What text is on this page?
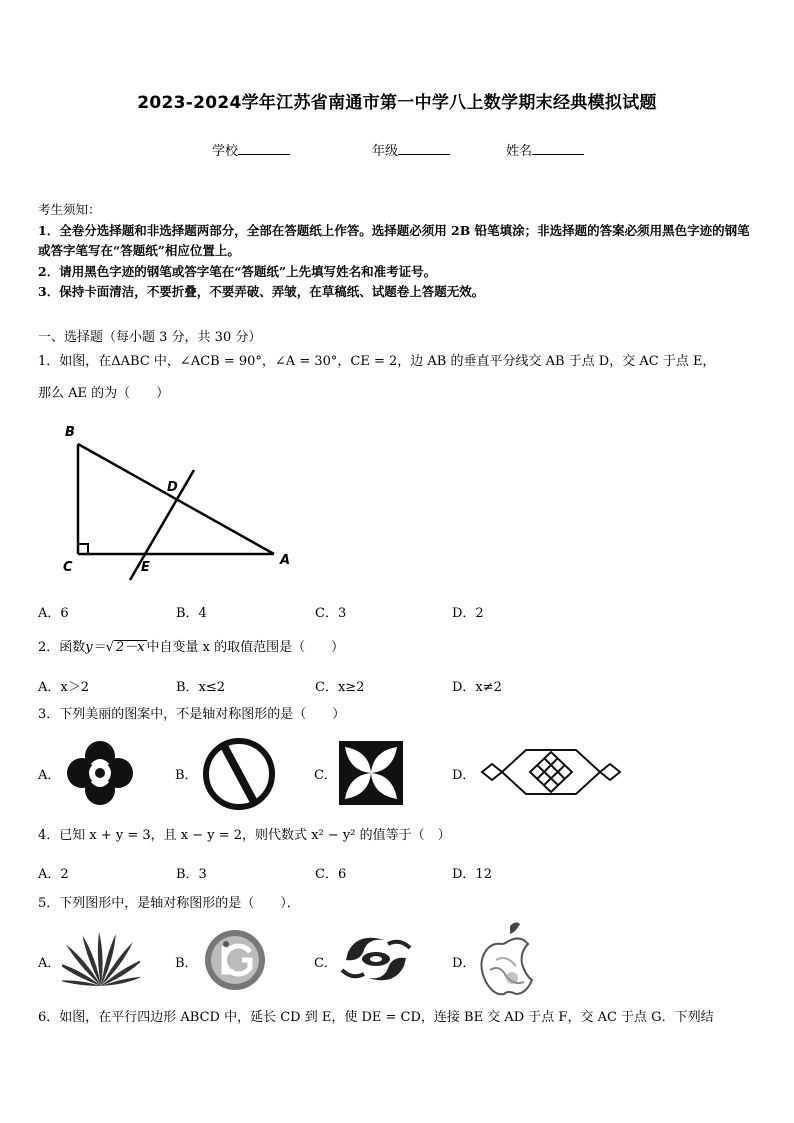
2023-2024学年江苏省南通市第一中学八上数学期末经典模拟试题
学校	年级	姓名

考生须知：

1．全卷分选择题和非选择题两部分，全部在答题纸上作答。选择题必须用 2B 铅笔填涂；非选择题的答案必须用黑色字迹的钢笔或答字笔写在“答题纸”相应位置上。

2．请用黑色字迹的钢笔或答字笔在“答题纸”上先填写姓名和准考证号。

3．保持卡面清洁，不要折叠，不要弄破、弄皱，在草稿纸、试题卷上答题无效。

一、选择题（每小题 3 分，共 30 分）
1．如图，在ΔABC 中，∠ACB = 90°，∠A = 30°，CE = 2，边 AB 的垂直平分线交 AB 于点 D，交 AC 于点 E，
那么 AE 的为（　　）
B
C
D
E	A
A．6	B．4	C．3	D．2
2．函数y＝√ 2－x 中自变量 x 的取值范围是（　　）
A．x＞2	B．x≤2	C．x≥2	D．x≠2
3．下列美丽的图案中，不是轴对称图形的是（　　）
A．	B．	C．	D．
4．已知 x + y = 3，且 x − y = 2，则代数式 x² − y² 的值等于（　）
A．2	B．3	C．6	D．12
5．下列图形中，是轴对称图形的是（　　）．
A．	B．	C．	D．
6．如图，在平行四边形 ABCD 中，延长 CD 到 E，使 DE = CD，连接 BE 交 AD 于点 F，交 AC 于点 G．下列结
